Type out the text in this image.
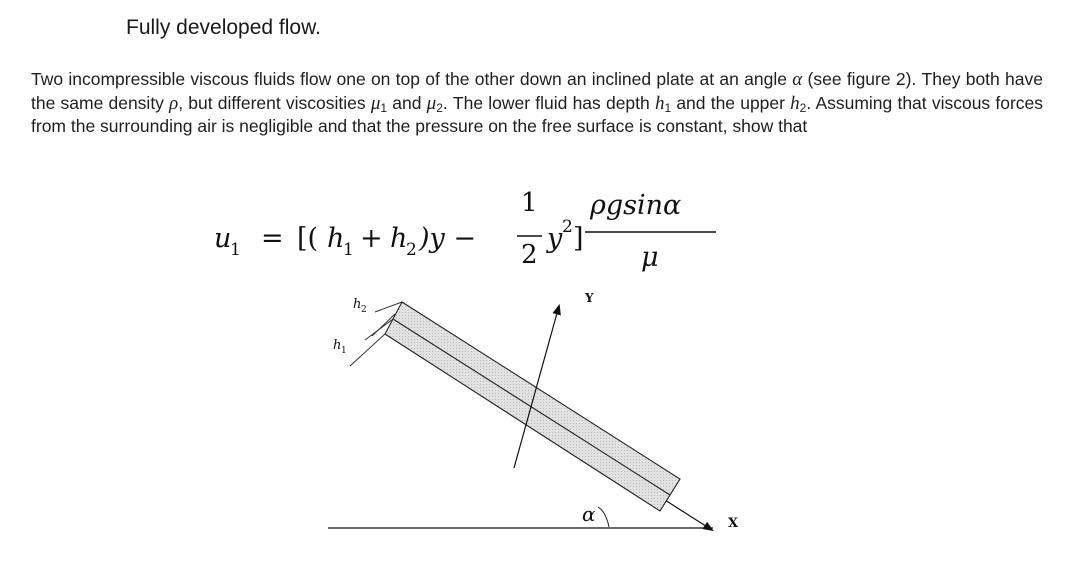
Fully developed flow.
Two incompressible viscous fluids flow one on top of the other down an inclined plate at an angle α (see figure 2). They both have the same density ρ, but different viscosities $\mu_1$ and $\mu_2$. The lower fluid has depth $h_1$ and the upper $h_2$. Assuming that viscous forces from the surrounding air is negligible and that the pressure on the free surface is constant, show that
u
1 = [( h
1 + h
2 )y −
1
2
y 2 ]
ρgsinα
μ
h 2
h 1
Y
X
α
